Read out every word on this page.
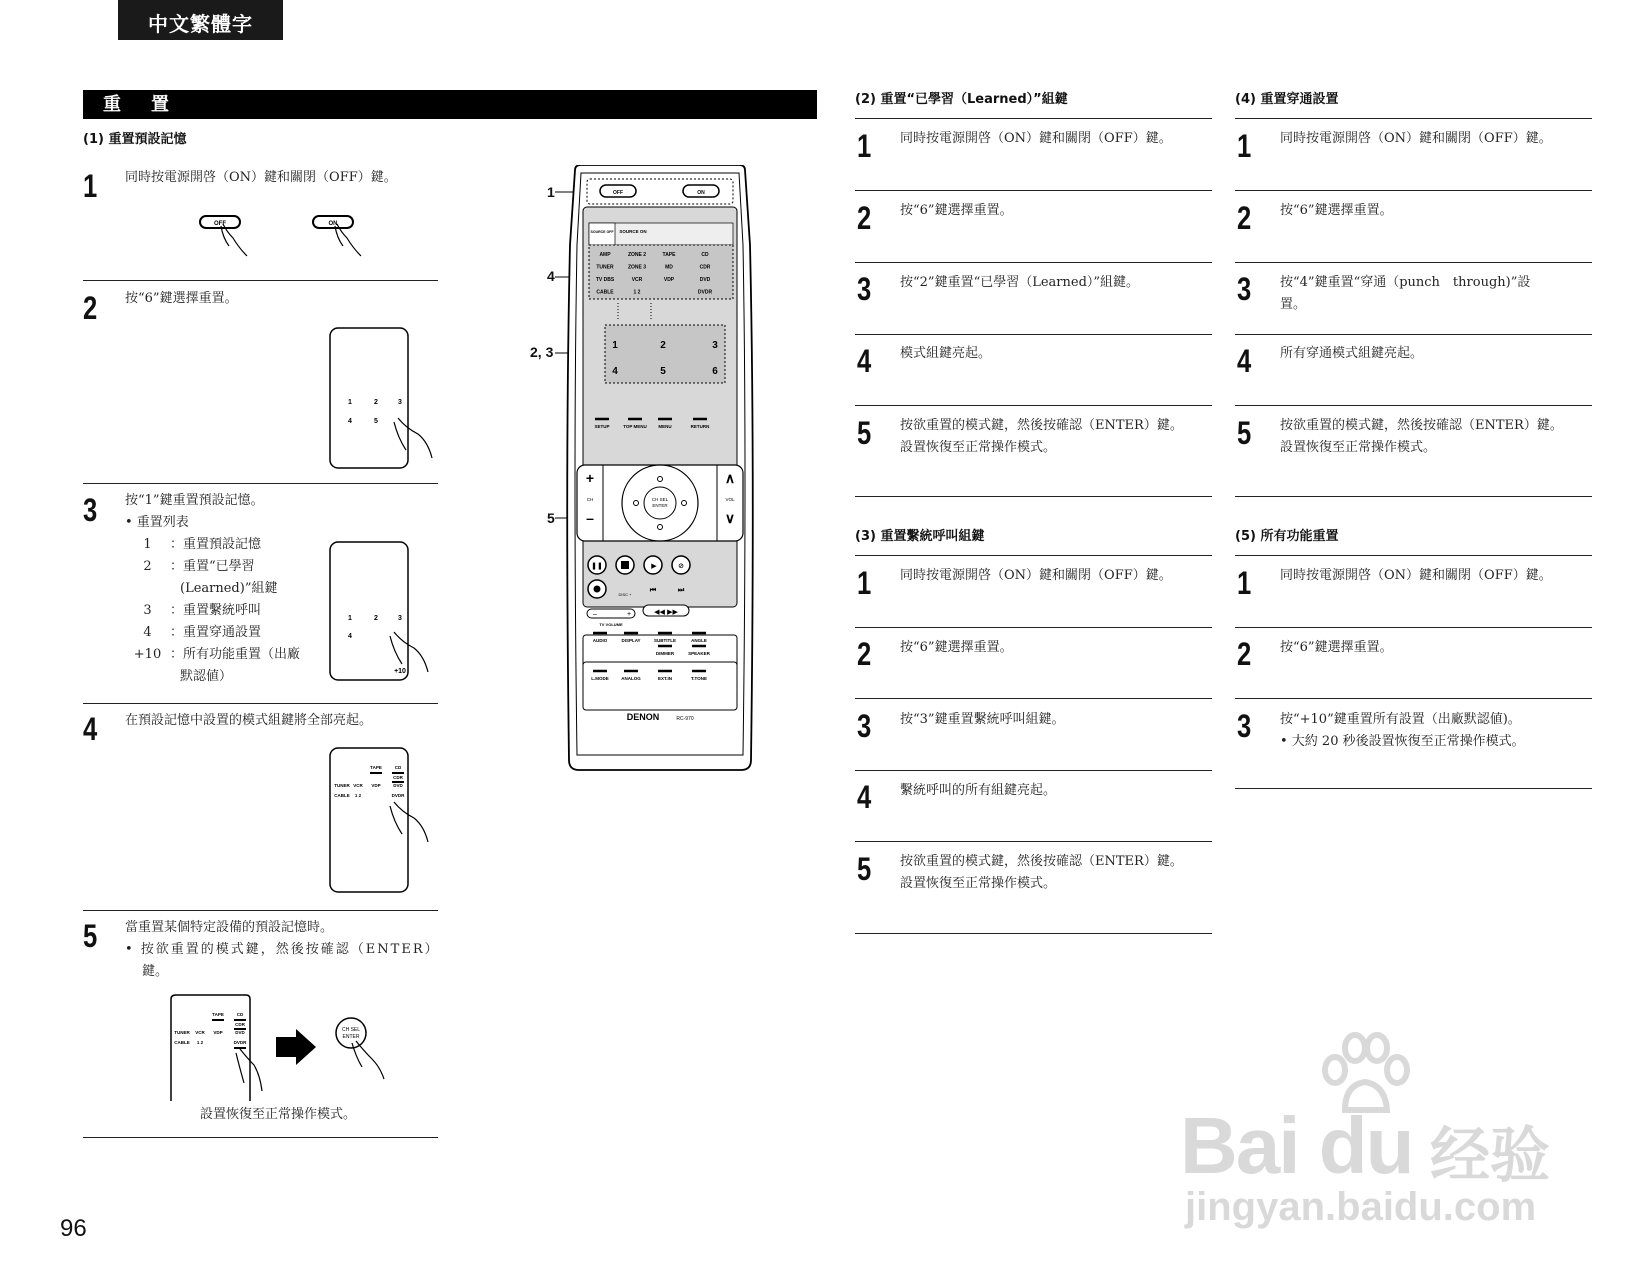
中文繁體字
重　置
(1) 重置預設記憶
1 同時按電源開啓（ON）鍵和關閉（OFF）鍵。
OFF	ON
2 按“6”鍵選擇重置。
1	2	3
4	5
3 按“1”鍵重置預設記憶。
• 重置列表
1	：重置預設記憶
2	：重置“已學習
(Learned)”組鍵
3	：重置繫統呼叫
4	：重置穿通設置
+10 ：所有功能重置（出廠
默認値）
1	2	3
4
+10
4 在預設記憶中設置的模式組鍵將全部亮起。
TAPE	CD
CDR
TUNER VCR VDP	DVD
CABLE 1 2	DVDR
5 當重置某個特定設備的預設記憶時。
• 按欲重置的模式鍵，然後按確認（ENTER）
鍵。
TAPE	CD
CDR
TUNER VCR VDP	DVD
CABLE 1 2	DVDR
CH SEL
ENTER
設置恢復至正常操作模式。
1
4
2, 3
5
OFF	ON
SOURCE OFF SOURCE ON
AMP	ZONE 2	TAPE	CD
TUNER	ZONE 3	MD	CDR
TV DBS	VCR	VDP	DVD
CABLE	1 2	DVDR
1	2	3
4	5	6
SETUP	TOP MENU	MENU	RETURN
+
–
CH
∧
∨
VOL
CH SEL
ENTER
❚❚	▶	⊘
⏮	⏭
DISC +
–	+
TV VOLUME
◀◀ ▶▶
AUDIO	DISPLAY	SUBTITLE	ANGLE
DIMMER	SPEAKER
L.MODE	ANALOG	EXT.IN	T.TONE
DENON	RC-970
(2) 重置“已學習（Learned）”組鍵
1 同時按電源開啓（ON）鍵和關閉（OFF）鍵。
2 按“6”鍵選擇重置。
3 按“2”鍵重置“已學習（Learned）”組鍵。
4 模式組鍵亮起。
5 按欲重置的模式鍵，然後按確認（ENTER）鍵。
設置恢復至正常操作模式。
(3) 重置繫統呼叫組鍵
1 同時按電源開啓（ON）鍵和關閉（OFF）鍵。
2 按“6”鍵選擇重置。
3 按“3”鍵重置繫統呼叫組鍵。
4 繫統呼叫的所有組鍵亮起。
5 按欲重置的模式鍵，然後按確認（ENTER）鍵。
設置恢復至正常操作模式。
(4) 重置穿通設置
1 同時按電源開啓（ON）鍵和關閉（OFF）鍵。
2 按“6”鍵選擇重置。
3 按“4”鍵重置“穿通（punch　through)”設
置。
4 所有穿通模式組鍵亮起。
5 按欲重置的模式鍵，然後按確認（ENTER）鍵。
設置恢復至正常操作模式。
(5) 所有功能重置
1 同時按電源開啓（ON）鍵和關閉（OFF）鍵。
2 按“6”鍵選擇重置。
3 按“+10”鍵重置所有設置（出廠默認値)。
• 大約 20 秒後設置恢復至正常操作模式。
96
Bai du 经验
jingyan.baidu.com
